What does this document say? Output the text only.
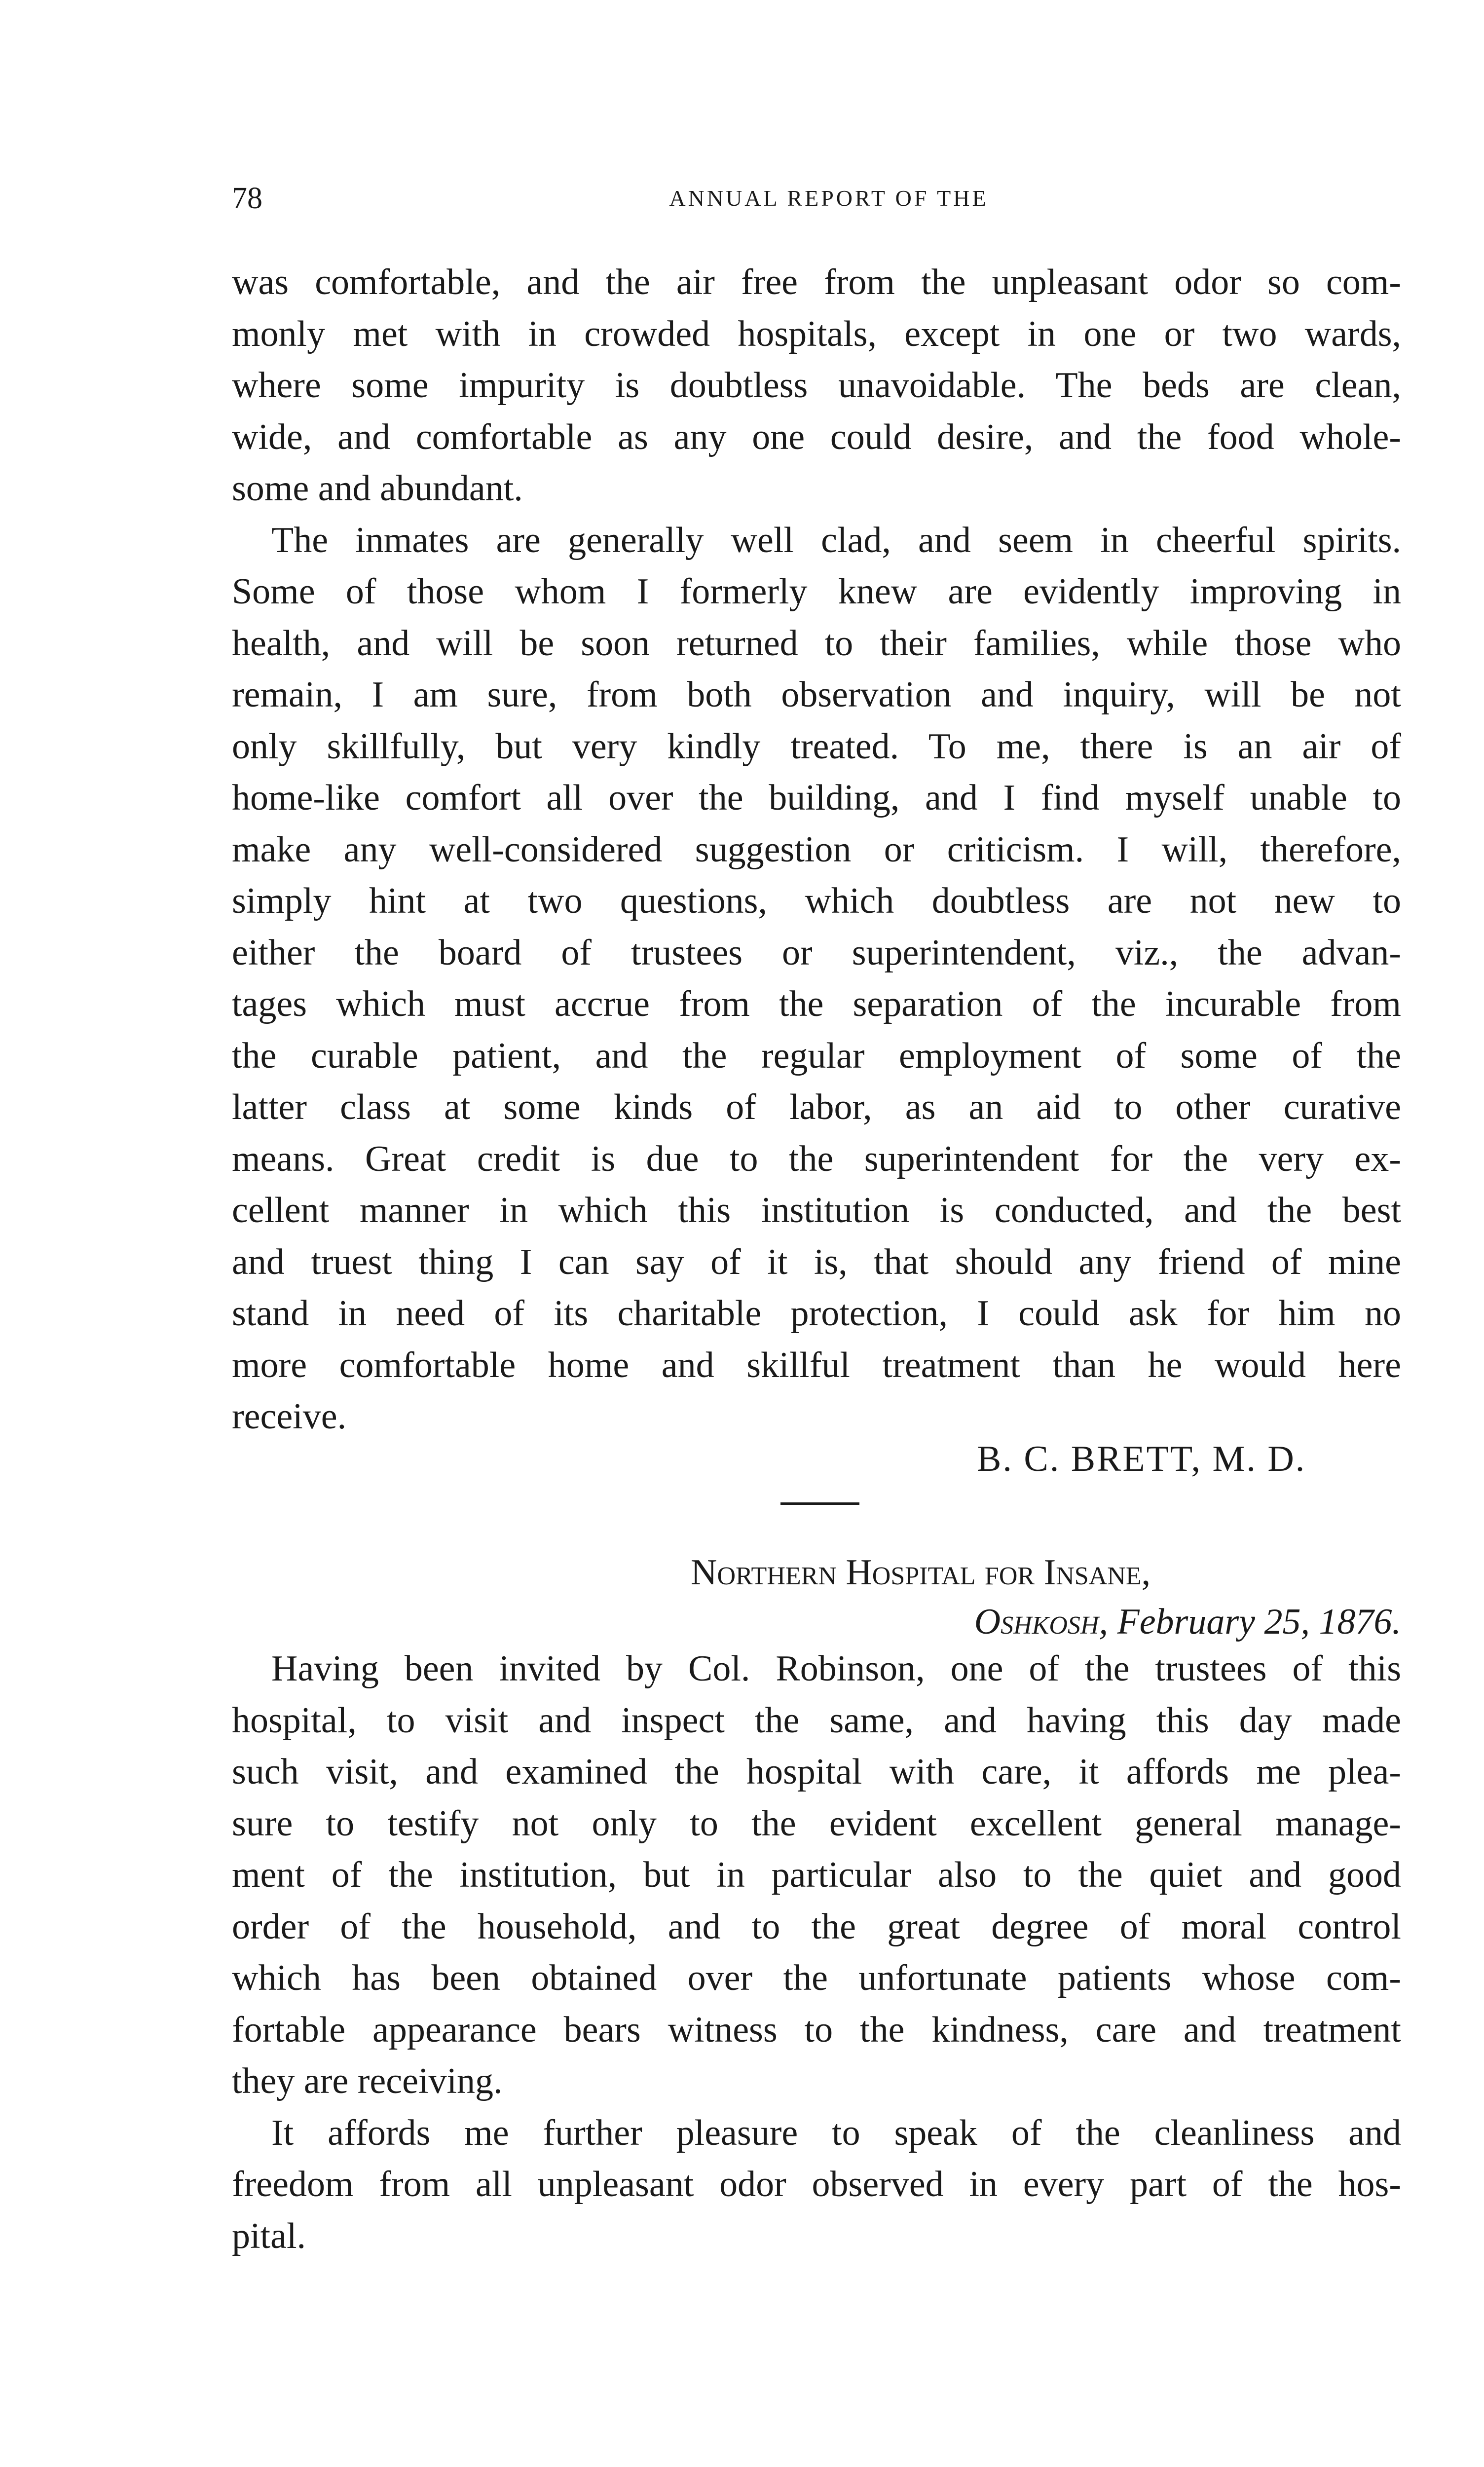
78	ANNUAL REPORT OF THE
was comfortable, and the air free from the unpleasant odor so com-
monly met with in crowded hospitals, except in one or two wards,
where some impurity is doubtless unavoidable. The beds are clean,
wide, and comfortable as any one could desire, and the food whole-
some and abundant.
The inmates are generally well clad, and seem in cheerful spirits.
Some of those whom I formerly knew are evidently improving in
health, and will be soon returned to their families, while those who
remain, I am sure, from both observation and inquiry, will be not
only skillfully, but very kindly treated. To me, there is an air of
home-like comfort all over the building, and I find myself unable to
make any well-considered suggestion or criticism. I will, therefore,
simply hint at two questions, which doubtless are not new to
either the board of trustees or superintendent, viz., the advan-
tages which must accrue from the separation of the incurable from
the curable patient, and the regular employment of some of the
latter class at some kinds of labor, as an aid to other curative
means. Great credit is due to the superintendent for the very ex-
cellent manner in which this institution is conducted, and the best
and truest thing I can say of it is, that should any friend of mine
stand in need of its charitable protection, I could ask for him no
more comfortable home and skillful treatment than he would here
receive.
B. C. BRETT, M. D.
Northern Hospital for Insane,
Oshkosh, February 25, 1876.
Having been invited by Col. Robinson, one of the trustees of this
hospital, to visit and inspect the same, and having this day made
such visit, and examined the hospital with care, it affords me plea-
sure to testify not only to the evident excellent general manage-
ment of the institution, but in particular also to the quiet and good
order of the household, and to the great degree of moral control
which has been obtained over the unfortunate patients whose com-
fortable appearance bears witness to the kindness, care and treatment
they are receiving.
It affords me further pleasure to speak of the cleanliness and
freedom from all unpleasant odor observed in every part of the hos-
pital.
